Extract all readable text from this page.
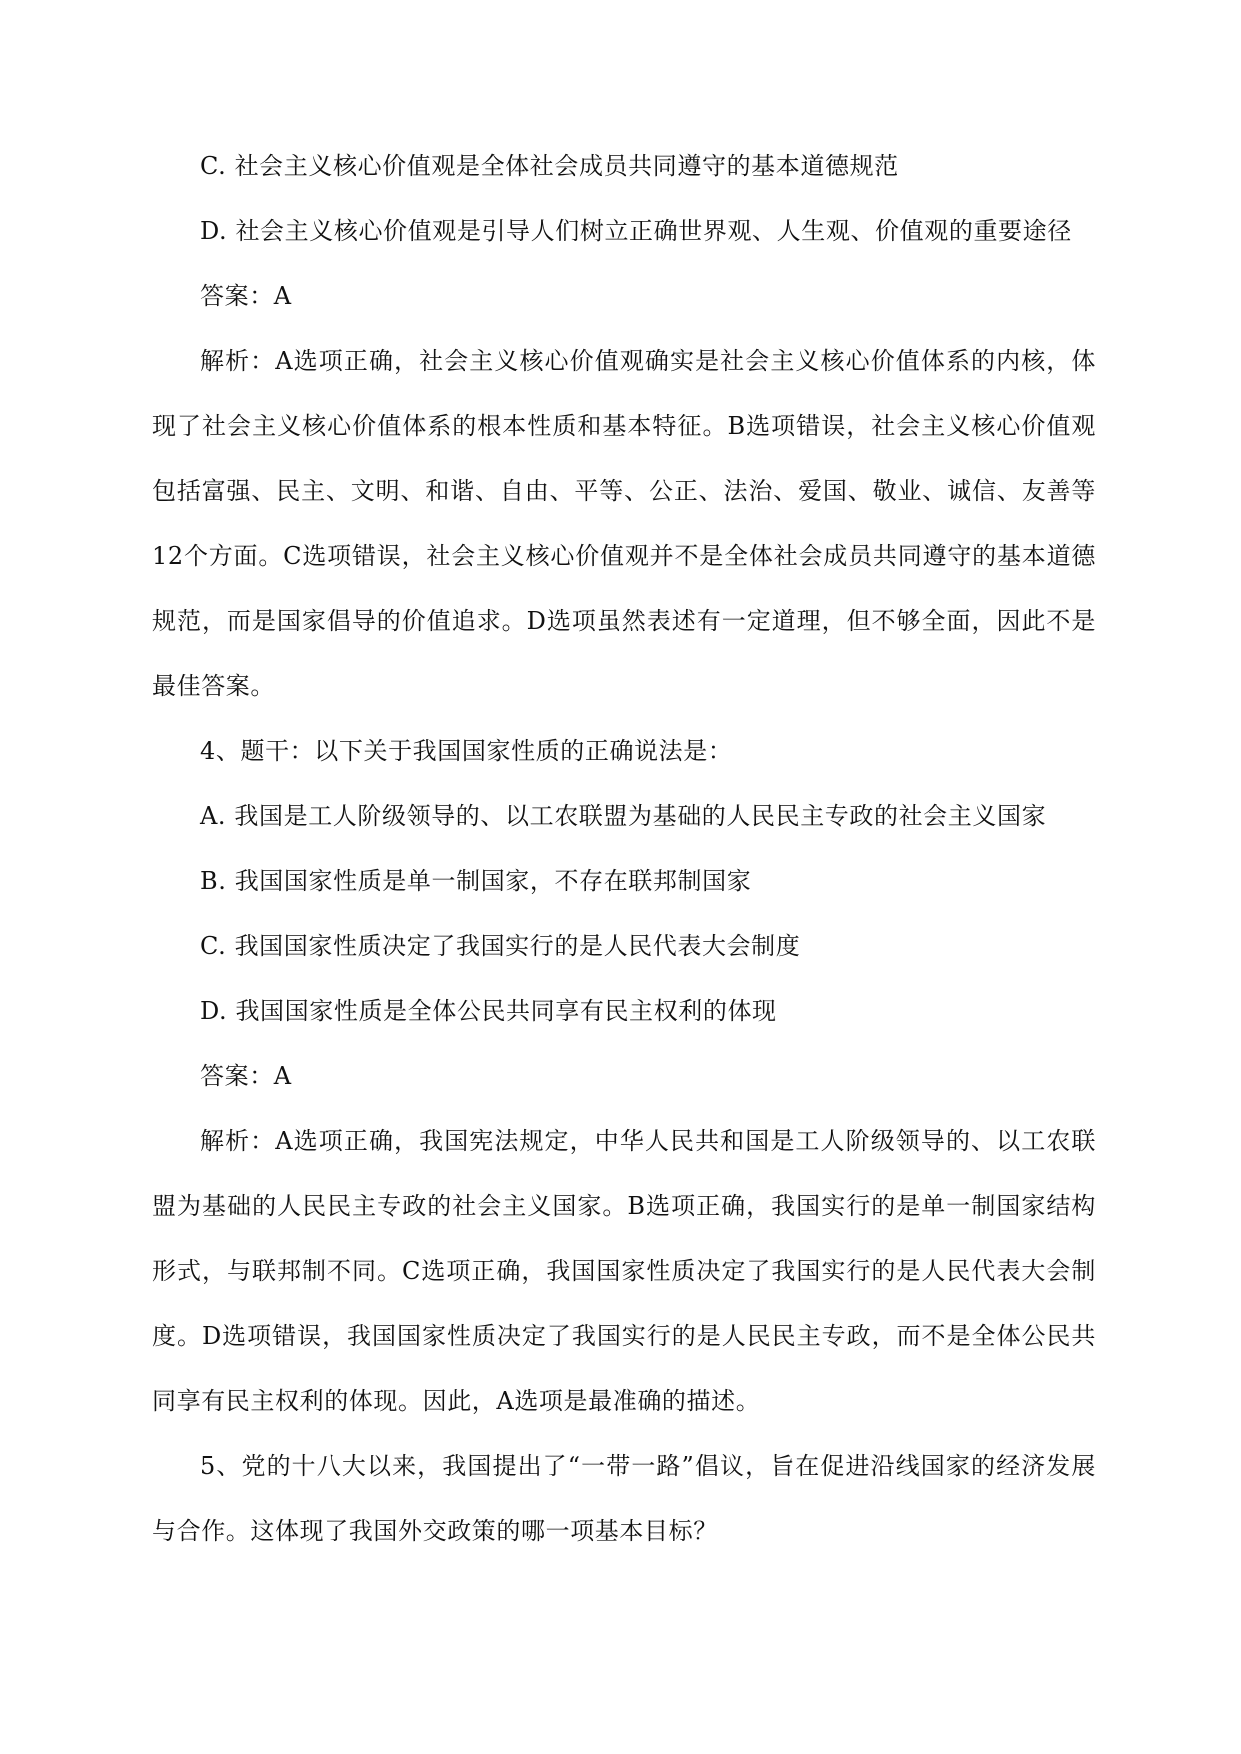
C. 社会主义核心价值观是全体社会成员共同遵守的基本道德规范

D. 社会主义核心价值观是引导人们树立正确世界观、人生观、价值观的重要途径

答案：A

解析：A选项正确，社会主义核心价值观确实是社会主义核心价值体系的内核，体现了社会主义核心价值体系的根本性质和基本特征。B选项错误，社会主义核心价值观包括富强、民主、文明、和谐、自由、平等、公正、法治、爱国、敬业、诚信、友善等12个方面。C选项错误，社会主义核心价值观并不是全体社会成员共同遵守的基本道德规范，而是国家倡导的价值追求。D选项虽然表述有一定道理，但不够全面，因此不是最佳答案。

4、题干：以下关于我国国家性质的正确说法是：

A. 我国是工人阶级领导的、以工农联盟为基础的人民民主专政的社会主义国家

B. 我国国家性质是单一制国家，不存在联邦制国家

C. 我国国家性质决定了我国实行的是人民代表大会制度

D. 我国国家性质是全体公民共同享有民主权利的体现

答案：A

解析：A选项正确，我国宪法规定，中华人民共和国是工人阶级领导的、以工农联盟为基础的人民民主专政的社会主义国家。B选项正确，我国实行的是单一制国家结构形式，与联邦制不同。C选项正确，我国国家性质决定了我国实行的是人民代表大会制度。D选项错误，我国国家性质决定了我国实行的是人民民主专政，而不是全体公民共同享有民主权利的体现。因此，A选项是最准确的描述。

5、党的十八大以来，我国提出了“一带一路”倡议，旨在促进沿线国家的经济发展与合作。这体现了我国外交政策的哪一项基本目标？
